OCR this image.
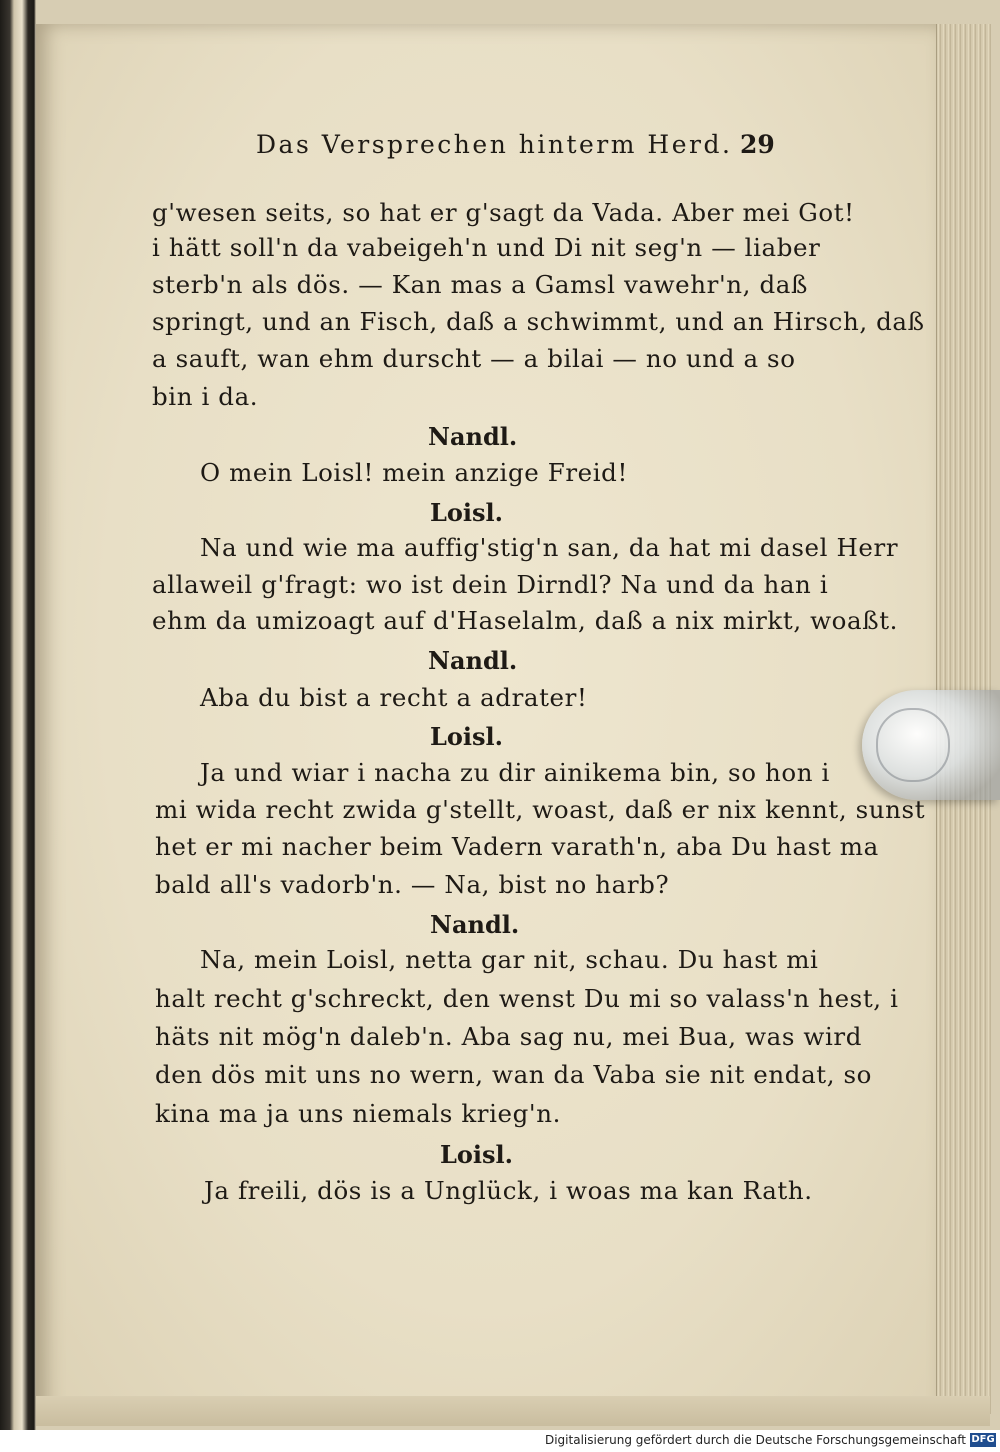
Das Versprechen hinterm Herd. 29
g'wesen seits, so hat er g'sagt da Vada. Aber mei Got!
i hätt soll'n da vabeigeh'n und Di nit seg'n — liaber
sterb'n als dös. — Kan mas a Gamsl vawehr'n, daß
springt, und an Fisch, daß a schwimmt, und an Hirsch, daß
a sauft, wan ehm durscht — a bilai — no und a so
bin i da.
Nandl.
O mein Loisl! mein anzige Freid!
Loisl.
Na und wie ma auffig'stig'n san, da hat mi dasel Herr
allaweil g'fragt: wo ist dein Dirndl? Na und da han i
ehm da umizoagt auf d'Haselalm, daß a nix mirkt, woaßt.
Nandl.
Aba du bist a recht a adrater!
Loisl.
Ja und wiar i nacha zu dir ainikema bin, so hon i
mi wida recht zwida g'stellt, woast, daß er nix kennt, sunst
het er mi nacher beim Vadern varath'n, aba Du hast ma
bald all's vadorb'n. — Na, bist no harb?
Nandl.
Na, mein Loisl, netta gar nit, schau. Du hast mi
halt recht g'schreckt, den wenst Du mi so valass'n hest, i
häts nit mög'n daleb'n. Aba sag nu, mei Bua, was wird
den dös mit uns no wern, wan da Vaba sie nit endat, so
kina ma ja uns niemals krieg'n.
Loisl.
Ja freili, dös is a Unglück, i woas ma kan Rath.
Digitalisierung gefördert durch die Deutsche Forschungsgemeinschaft DFG
